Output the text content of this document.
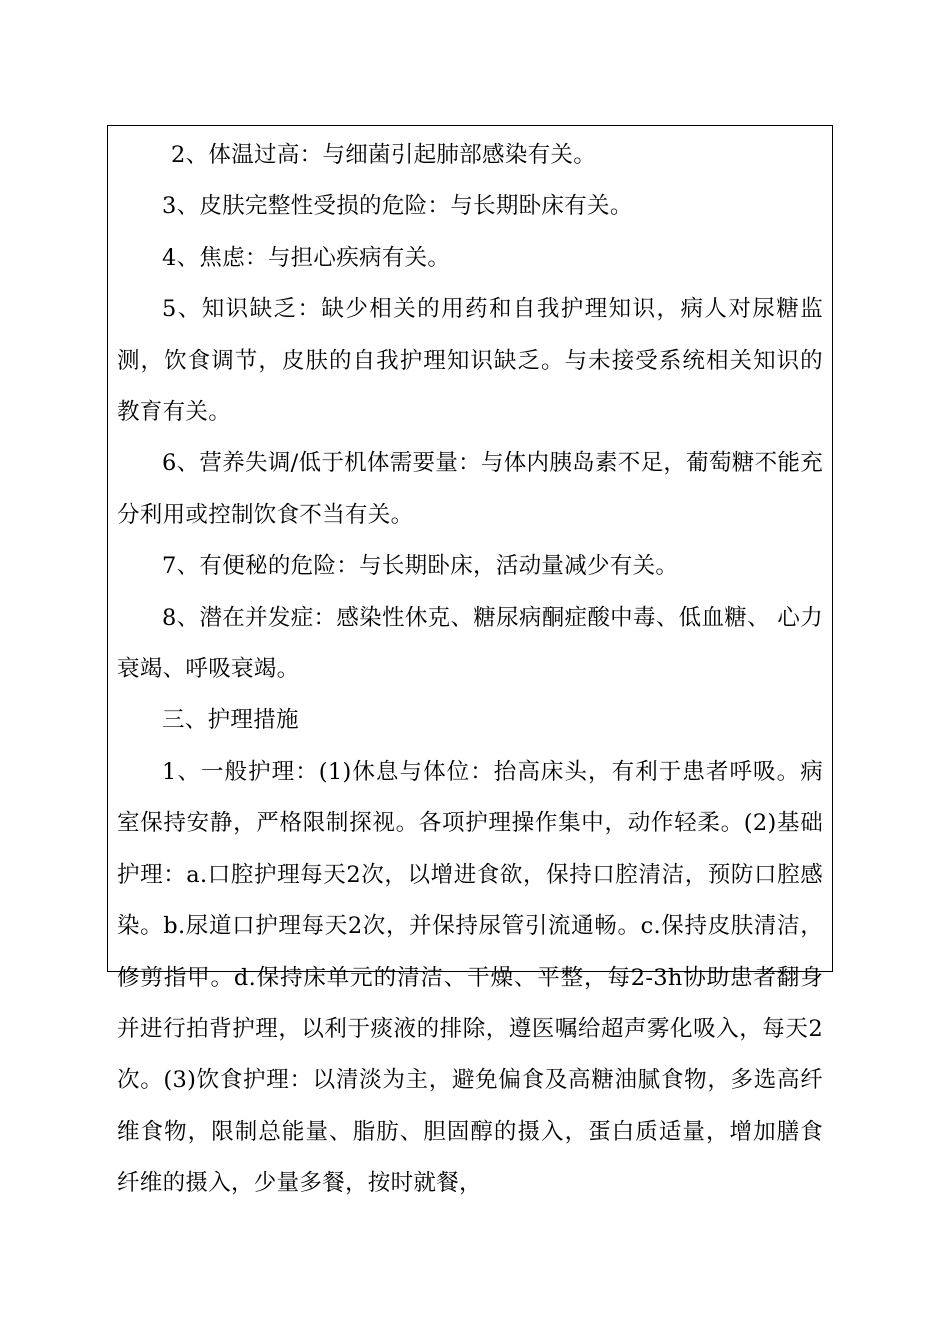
2、体温过高：与细菌引起肺部感染有关。

3、皮肤完整性受损的危险：与长期卧床有关。

4、焦虑：与担心疾病有关。

5、知识缺乏：缺少相关的用药和自我护理知识，病人对尿糖监测，饮食调节，皮肤的自我护理知识缺乏。与未接受系统相关知识的教育有关。

6、营养失调/低于机体需要量：与体内胰岛素不足，葡萄糖不能充分利用或控制饮食不当有关。

7、有便秘的危险：与长期卧床，活动量减少有关。

8、潜在并发症：感染性休克、糖尿病酮症酸中毒、低血糖、 心力衰竭、呼吸衰竭。

三、护理措施

1、一般护理：(1)休息与体位：抬高床头，有利于患者呼吸。病室保持安静，严格限制探视。各项护理操作集中，动作轻柔。(2)基础护理：a.口腔护理每天2次，以增进食欲，保持口腔清洁，预防口腔感染。b.尿道口护理每天2次，并保持尿管引流通畅。c.保持皮肤清洁，修剪指甲。d.保持床单元的清洁、干燥、平整，每2-3h协助患者翻身并进行拍背护理，以利于痰液的排除，遵医嘱给超声雾化吸入，每天2次。(3)饮食护理：以清淡为主，避免偏食及高糖油腻食物，多选高纤维食物，限制总能量、脂肪、胆固醇的摄入，蛋白质适量，增加膳食纤维的摄入，少量多餐，按时就餐，
